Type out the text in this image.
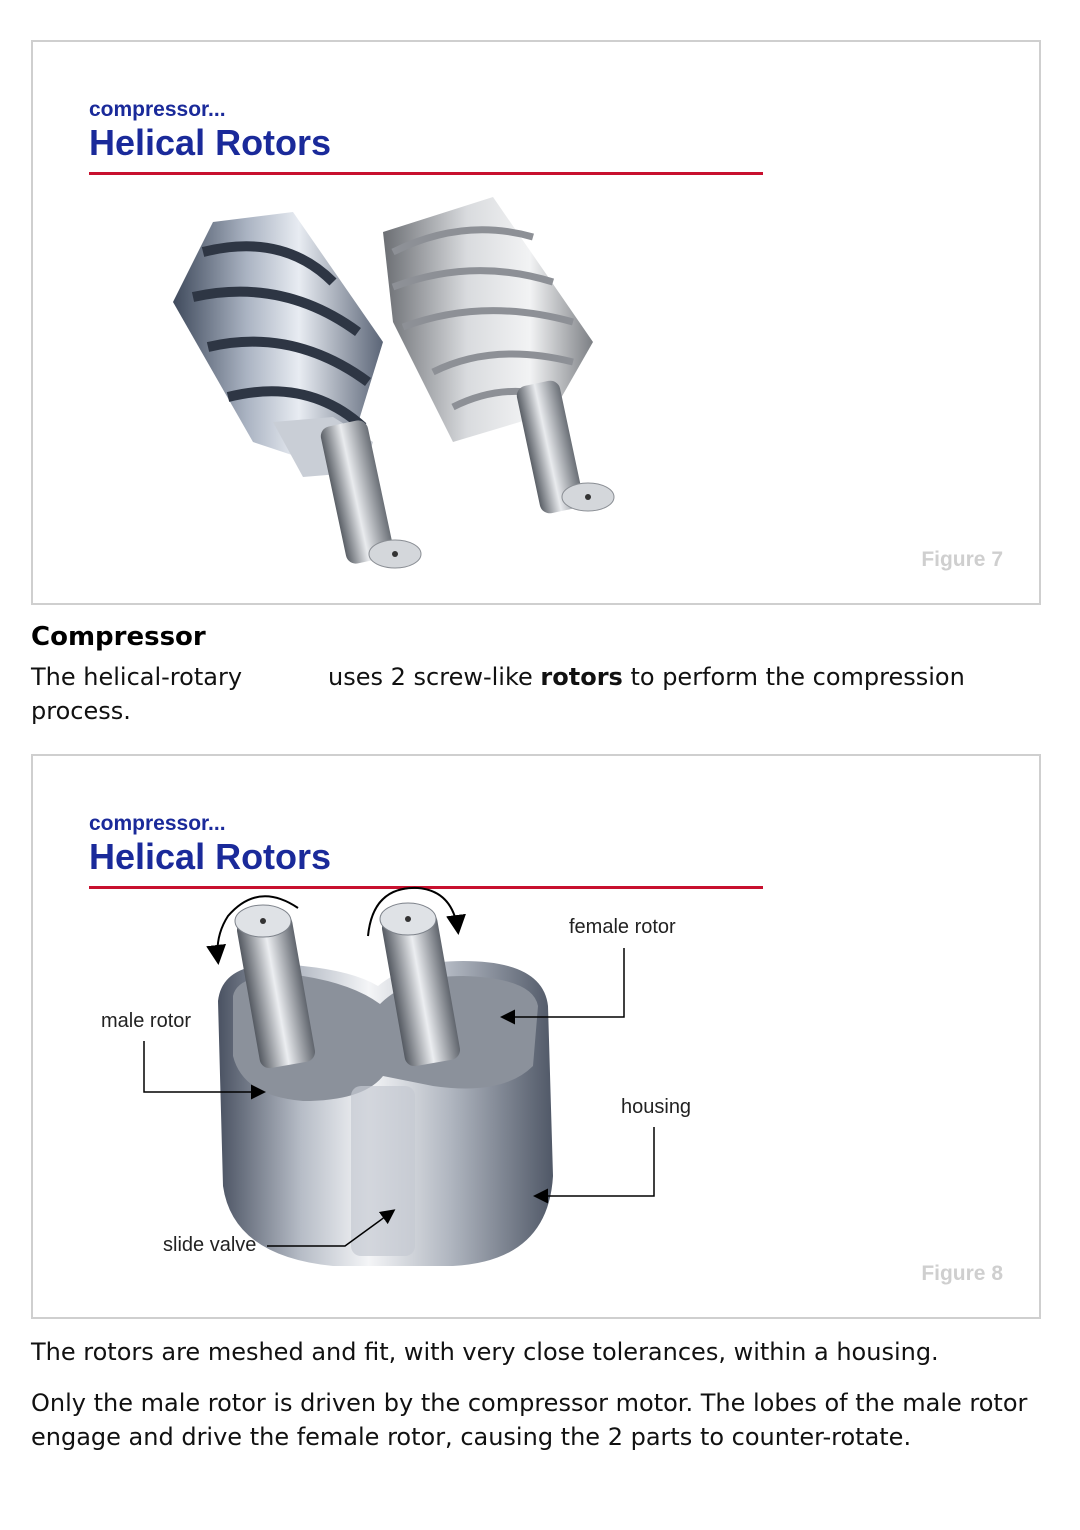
compressor...
Helical Rotors
Figure 7
Compressor

The helical-rotary	uses 2 screw-like rotors to perform the compression process.

compressor...
Helical Rotors
female rotor
male rotor
housing
slide valve
Figure 8

The rotors are meshed and fit, with very close tolerances, within a housing.

Only the male rotor is driven by the compressor motor. The lobes of the male rotor engage and drive the female rotor, causing the 2 parts to counter-rotate.
